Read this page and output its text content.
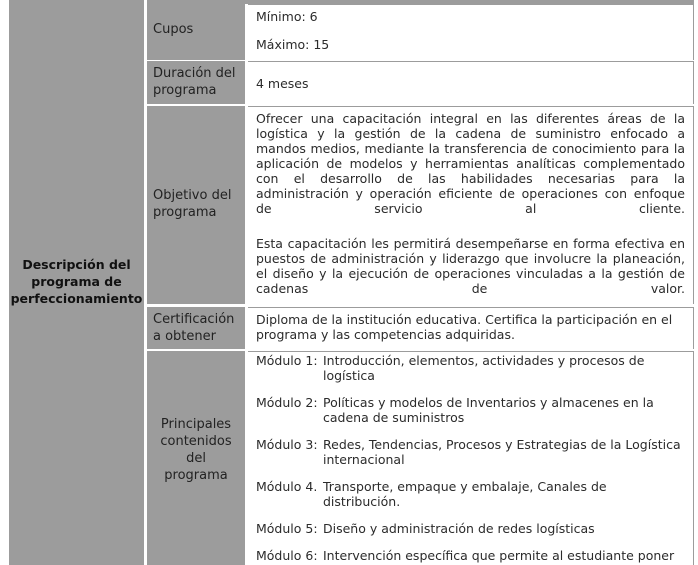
Descripción del programa de perfeccionamiento
Cupos
Mínimo: 6
Máximo: 15
Duración del programa	4 meses
Objetivo del programa
Ofrecer una capacitación integral en las diferentes áreas de la logística y la gestión de la cadena de suministro enfocado a mandos medios, mediante la transferencia de conocimiento para la aplicación de modelos y herramientas analíticas complementado con el desarrollo de las habilidades necesarias para la administración y operación eficiente de operaciones con enfoque de servicio al cliente.
Esta capacitación les permitirá desempeñarse en forma efectiva en puestos de administración y liderazgo que involucre la planeación, el diseño y la ejecución de operaciones vinculadas a la gestión de cadenas de valor.
Certificación a obtener
Diploma de la institución educativa. Certifica la participación en el programa y las competencias adquiridas.
Principales contenidos del programa
Módulo 1: Introducción, elementos, actividades y procesos de logística
Módulo 2: Políticas y modelos de Inventarios y almacenes en la cadena de suministros
Módulo 3: Redes, Tendencias, Procesos y Estrategias de la Logística internacional
Módulo 4. Transporte, empaque y embalaje, Canales de distribución.
Módulo 5: Diseño y administración de redes logísticas
Módulo 6: Intervención específica que permite al estudiante poner
